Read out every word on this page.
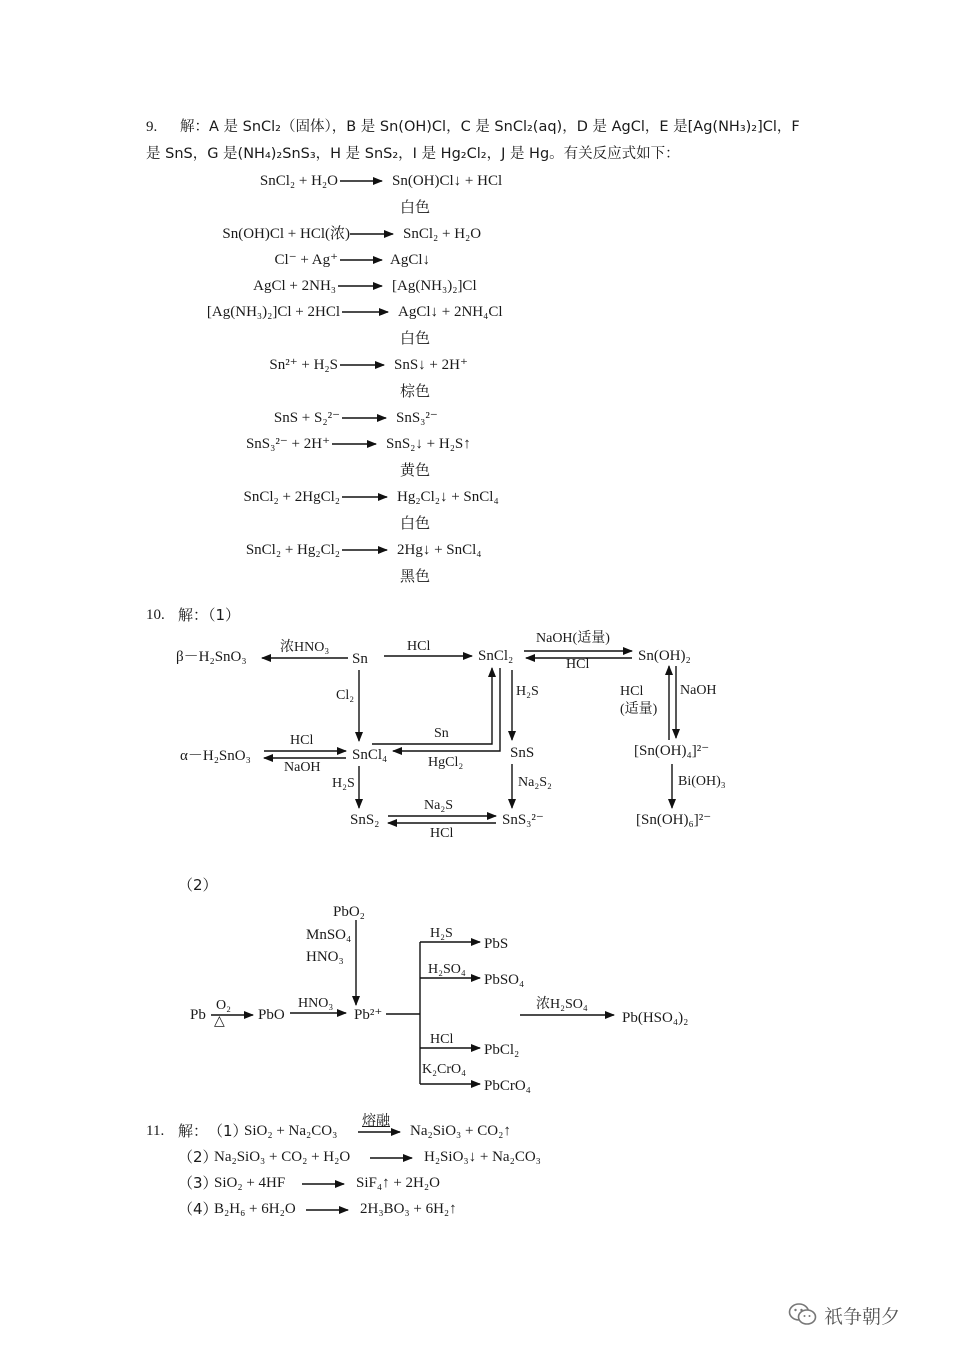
9. 解：A 是 SnCl₂（固体），B 是 Sn(OH)Cl，C 是 SnCl₂(aq)，D 是 AgCl，E 是[Ag(NH₃)₂]Cl，F
是 SnS，G 是(NH₄)₂SnS₃，H 是 SnS₂，I 是 Hg₂Cl₂，J 是 Hg。有关反应式如下：
SnCl₂ + H₂O	Sn(OH)Cl↓ + HCl
白色
Sn(OH)Cl + HCl(浓)	SnCl₂ + H₂O
Cl⁻ + Ag⁺	AgCl↓
AgCl + 2NH₃	[Ag(NH₃)₂]Cl
[Ag(NH₃)₂]Cl + 2HCl	AgCl↓ + 2NH₄Cl
白色
Sn²⁺ + H₂S	SnS↓ + 2H⁺
棕色
SnS + S₂²⁻	SnS₃²⁻
SnS₃²⁻ + 2H⁺	SnS₂↓ + H₂S↑
黄色
SnCl₂ + 2HgCl₂	Hg₂Cl₂↓ + SnCl₄
白色
SnCl₂ + Hg₂Cl₂	2Hg↓ + SnCl₄
黑色
10. 解：（1）
β－H₂SnO₃
浓HNO₃
Sn
HCl
SnCl₂
NaOH(适量)
HCl
Sn(OH)₂
Cl₂	H₂S	HCl
(适量)
NaOH
α－H₂SnO₃
HCl
NaOH
SnCl₄
Sn
HgCl₂
SnS	[Sn(OH)₄]²⁻
H₂S	Na₂S₂	Bi(OH)₃
SnS₂
Na₂S
HCl
SnS₃²⁻	[Sn(OH)₆]²⁻
（2）
PbO₂
MnSO₄
HNO₃
Pb
O₂
△ PbO
HNO₃
Pb²⁺
H₂S
PbS
H₂SO₄
PbSO₄
浓H₂SO₄
Pb(HSO₄)₂
HCl
PbCl₂
K₂CrO₄
PbCrO₄
11. 解： （1）
SiO₂ + Na₂CO₃
熔融
Na₂SiO₃ + CO₂↑
（2）
Na₂SiO₃ + CO₂ + H₂O	H₂SiO₃↓ + Na₂CO₃
（3）
SiO₂ + 4HF	SiF₄↑ + 2H₂O
（4）
B₂H₆ + 6H₂O	2H₃BO₃ + 6H₂↑
祇争朝夕
